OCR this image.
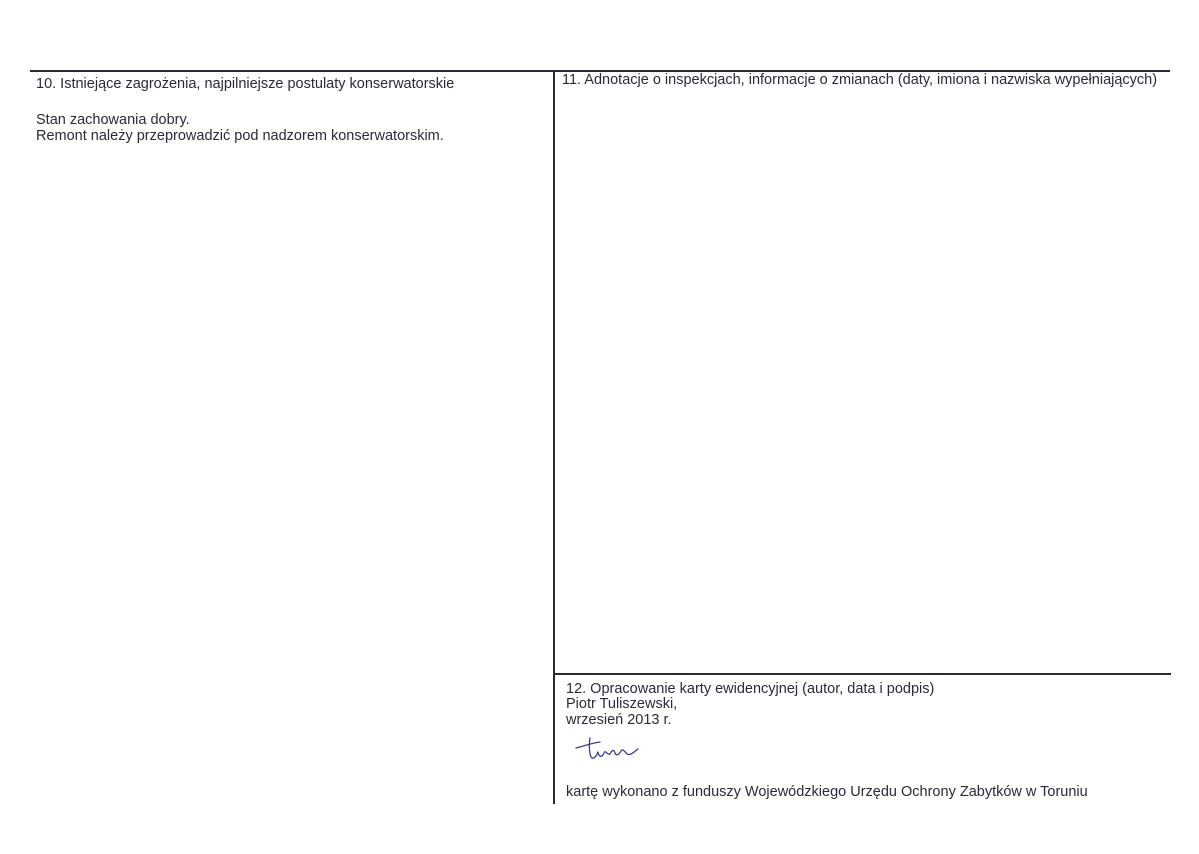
10. Istniejące zagrożenia, najpilniejsze postulaty konserwatorskie
Stan zachowania dobry.
Remont należy przeprowadzić pod nadzorem konserwatorskim.
11. Adnotacje o inspekcjach, informacje o zmianach (daty, imiona i nazwiska wypełniających)
12. Opracowanie karty ewidencyjnej (autor, data i podpis)
Piotr Tuliszewski,
wrzesień 2013 r.
kartę wykonano z funduszy Wojewódzkiego Urzędu Ochrony Zabytków w Toruniu
